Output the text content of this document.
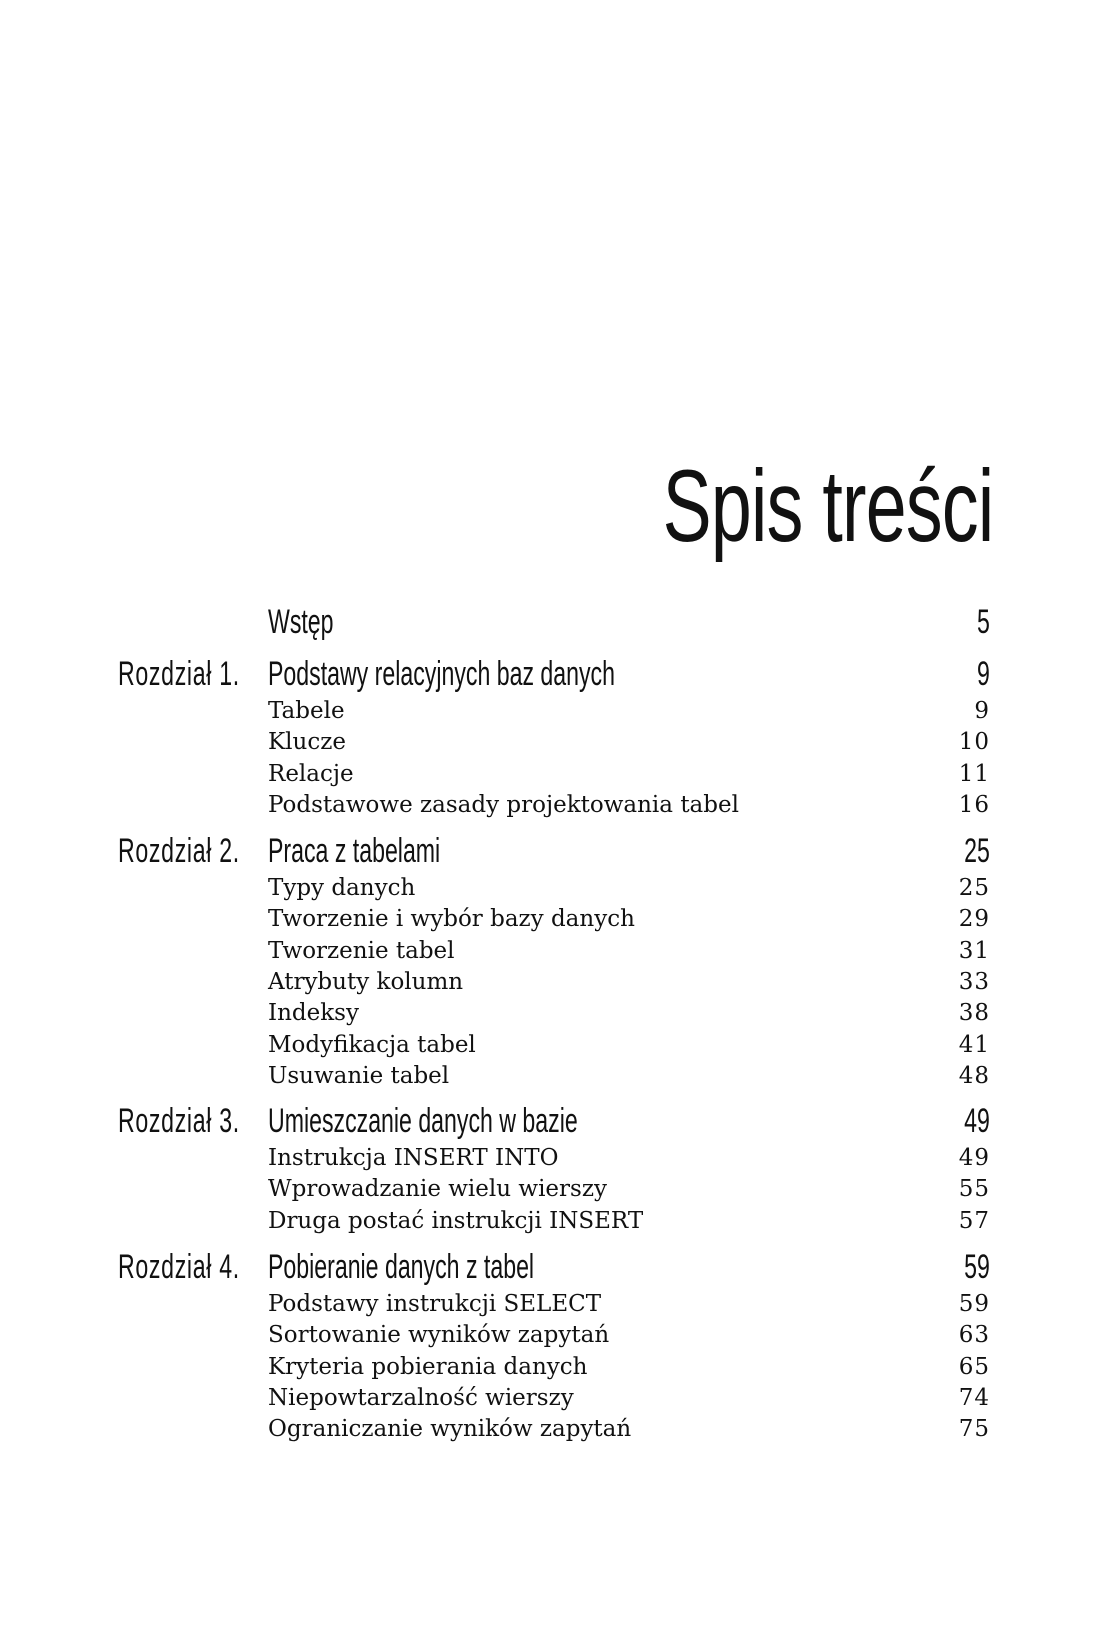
Spis treści
Wstęp	5
Rozdział 1. Podstawy relacyjnych baz danych	9
Tabele	9
Klucze	10
Relacje	11
Podstawowe zasady projektowania tabel	16
Rozdział 2. Praca z tabelami	25
Typy danych	25
Tworzenie i wybór bazy danych	29
Tworzenie tabel	31
Atrybuty kolumn	33
Indeksy	38
Modyfikacja tabel	41
Usuwanie tabel	48
Rozdział 3. Umieszczanie danych w bazie	49
Instrukcja INSERT INTO	49
Wprowadzanie wielu wierszy	55
Druga postać instrukcji INSERT	57
Rozdział 4. Pobieranie danych z tabel	59
Podstawy instrukcji SELECT	59
Sortowanie wyników zapytań	63
Kryteria pobierania danych	65
Niepowtarzalność wierszy	74
Ograniczanie wyników zapytań	75
